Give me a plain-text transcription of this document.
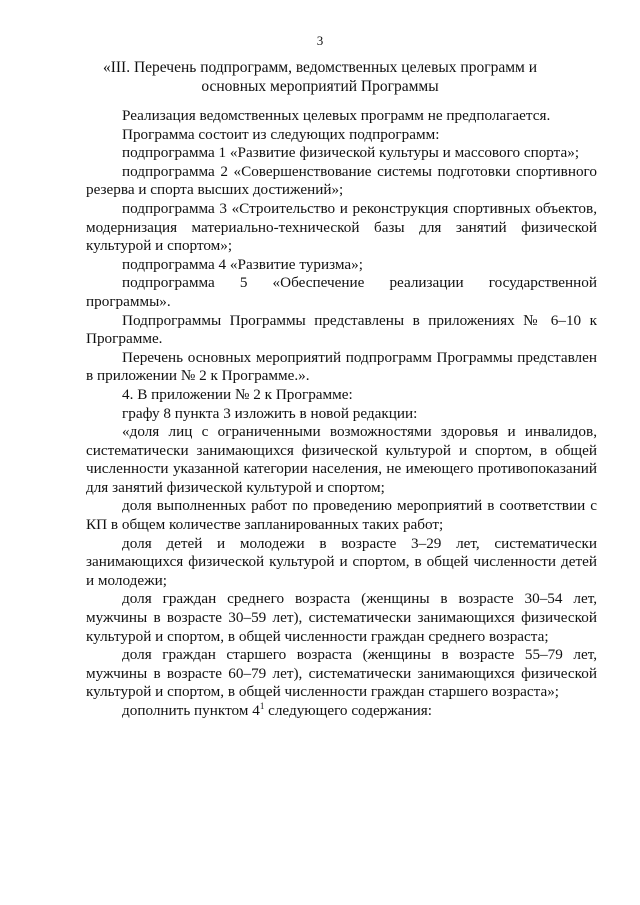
3
«III. Перечень подпрограмм, ведомственных целевых программ и
основных мероприятий Программы

Реализация ведомственных целевых программ не предполагается.

Программа состоит из следующих подпрограмм:

подпрограмма 1 «Развитие физической культуры и массового спорта»;

подпрограмма 2 «Совершенствование системы подготовки спортивного резерва и спорта высших достижений»;

подпрограмма 3 «Строительство и реконструкция спортивных объектов, модернизация материально-технической базы для занятий физической культурой и спортом»;

подпрограмма 4 «Развитие туризма»;

подпрограмма 5 «Обеспечение реализации государственной программы».

Подпрограммы Программы представлены в приложениях № 6–10 к Программе.

Перечень основных мероприятий подпрограмм Программы представлен в приложении № 2 к Программе.».

4. В приложении № 2 к Программе:

графу 8 пункта 3 изложить в новой редакции:

«доля лиц с ограниченными возможностями здоровья и инвалидов, систематически занимающихся физической культурой и спортом, в общей численности указанной категории населения, не имеющего противопоказаний для занятий физической культурой и спортом;

доля выполненных работ по проведению мероприятий в соответствии с КП в общем количестве запланированных таких работ;

доля детей и молодежи в возрасте 3–29 лет, систематически занимающихся физической культурой и спортом, в общей численности детей и молодежи;

доля граждан среднего возраста (женщины в возрасте 30–54 лет, мужчины в возрасте 30–59 лет), систематически занимающихся физической культурой и спортом, в общей численности граждан среднего возраста;

доля граждан старшего возраста (женщины в возрасте 55–79 лет, мужчины в возрасте 60–79 лет), систематически занимающихся физической культурой и спортом, в общей численности граждан старшего возраста»;

дополнить пунктом $4^1$ следующего содержания:
